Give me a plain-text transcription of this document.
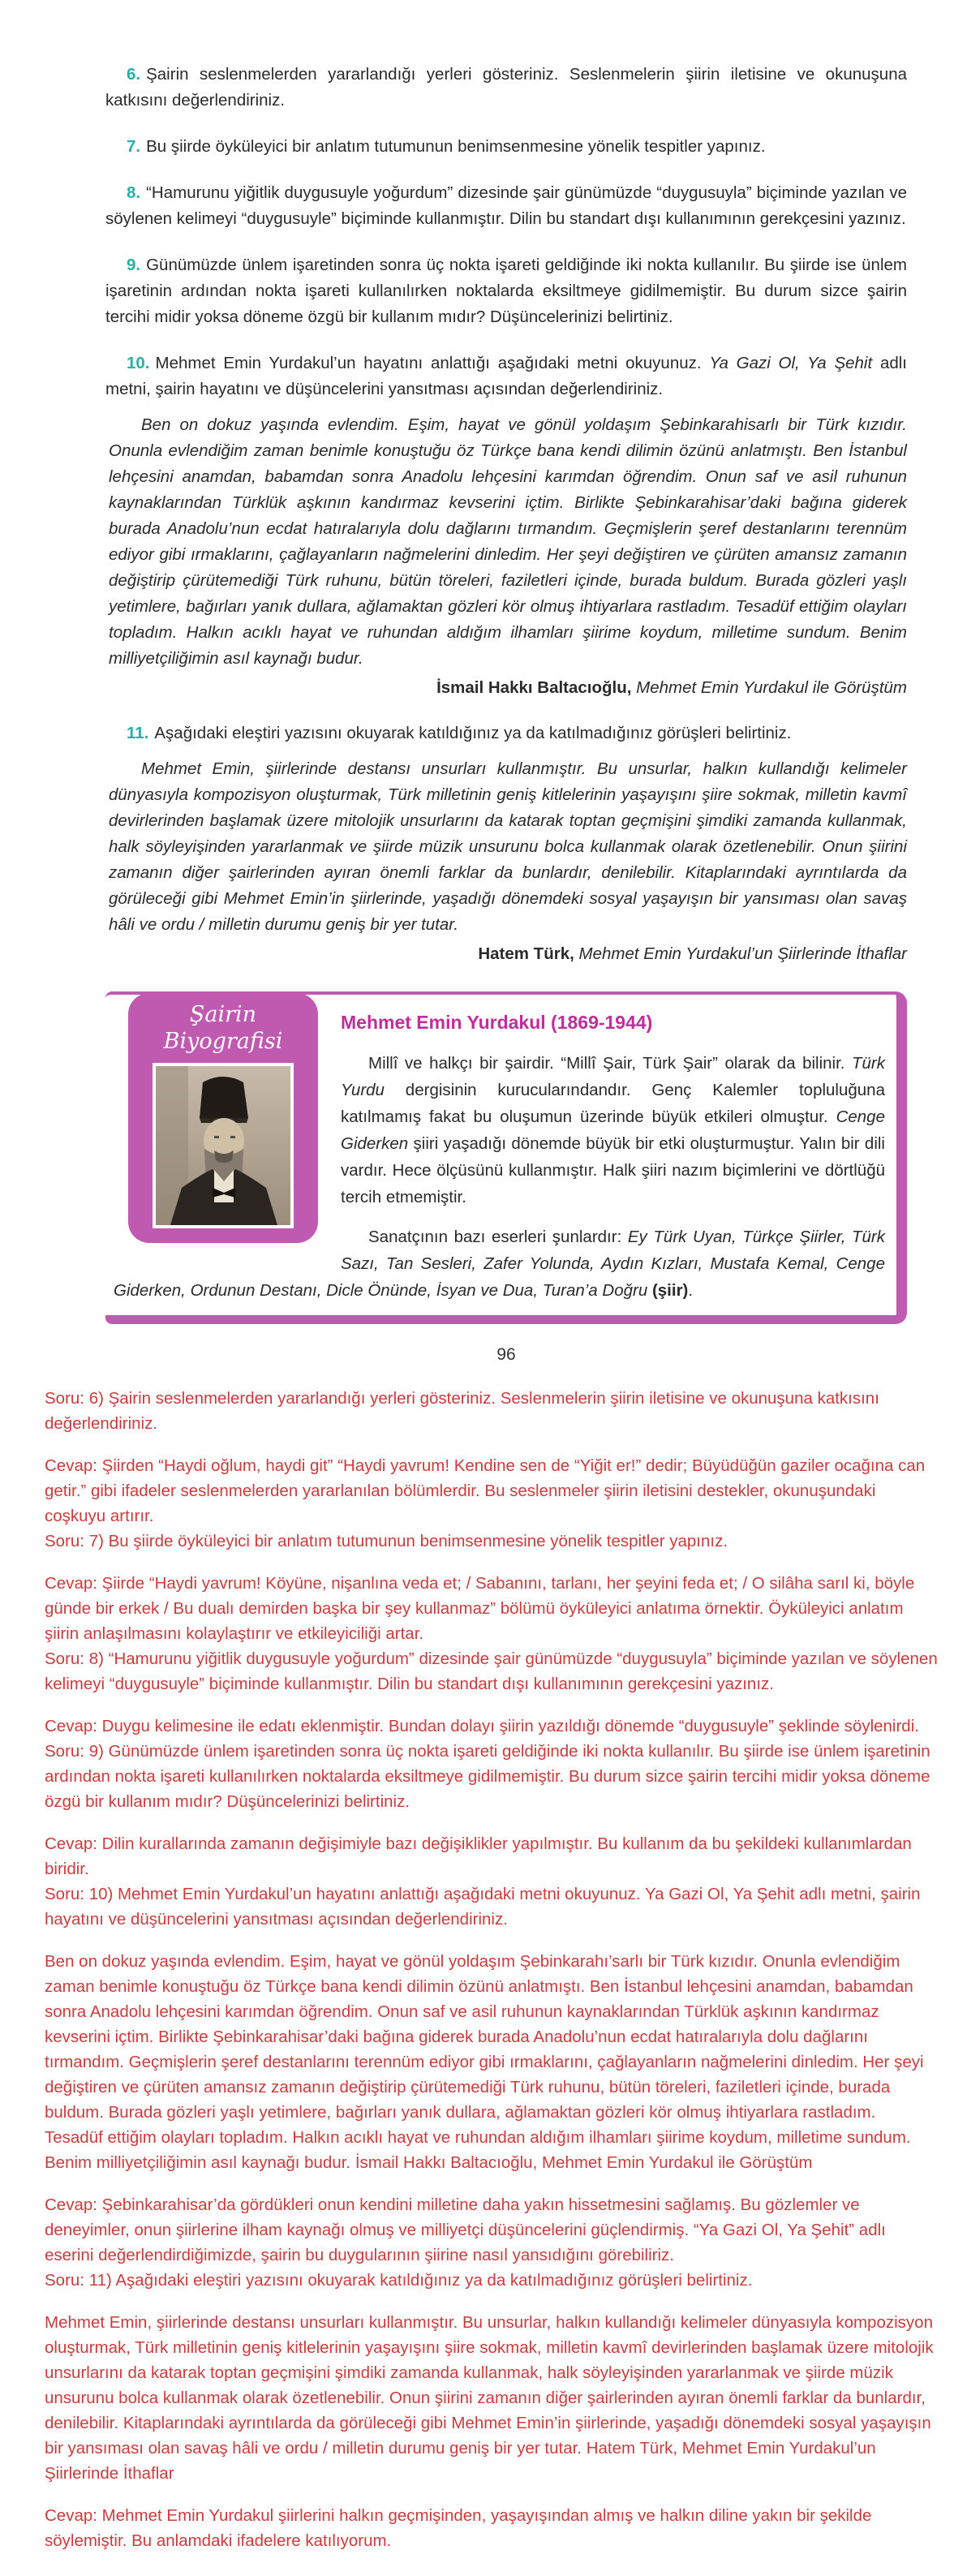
6. Şairin seslenmelerden yararlandığı yerleri gösteriniz. Seslenmelerin şiirin iletisine ve okunuşuna katkısını değerlendiriniz.

7. Bu şiirde öyküleyici bir anlatım tutumunun benimsenmesine yönelik tespitler yapınız.

8. “Hamurunu yiğitlik duygusuyle yoğurdum” dizesinde şair günümüzde “duygusuyla” biçiminde yazılan ve söylenen kelimeyi “duygusuyle” biçiminde kullanmıştır. Dilin bu standart dışı kullanımının gerekçesini yazınız.

9. Günümüzde ünlem işaretinden sonra üç nokta işareti geldiğinde iki nokta kullanılır. Bu şiirde ise ünlem işaretinin ardından nokta işareti kullanılırken noktalarda eksiltmeye gidilmemiştir. Bu durum sizce şairin tercihi midir yoksa döneme özgü bir kullanım mıdır? Düşüncelerinizi belirtiniz.

10. Mehmet Emin Yurdakul’un hayatını anlattığı aşağıdaki metni okuyunuz. Ya Gazi Ol, Ya Şehit adlı metni, şairin hayatını ve düşüncelerini yansıtması açısından değerlendiriniz.

Ben on dokuz yaşında evlendim. Eşim, hayat ve gönül yoldaşım Şebinkarahisarlı bir Türk kızıdır. Onunla evlendiğim zaman benimle konuştuğu öz Türkçe bana kendi dilimin özünü anlatmıştı. Ben İstanbul lehçesini anamdan, babamdan sonra Anadolu lehçesini karımdan öğrendim. Onun saf ve asil ruhunun kaynaklarından Türklük aşkının kandırmaz kevserini içtim. Birlikte Şebinkarahisar’daki bağına giderek burada Anadolu’nun ecdat hatıralarıyla dolu dağlarını tırmandım. Geçmişlerin şeref destanlarını terennüm ediyor gibi ırmaklarını, çağlayanların nağmelerini dinledim. Her şeyi değiştiren ve çürüten amansız zamanın değiştirip çürütemediği Türk ruhunu, bütün töreleri, faziletleri içinde, burada buldum. Burada gözleri yaşlı yetimlere, bağırları yanık dullara, ağlamaktan gözleri kör olmuş ihtiyarlara rastladım. Tesadüf ettiğim olayları topladım. Halkın acıklı hayat ve ruhundan aldığım ilhamları şiirime koydum, milletime sundum. Benim milliyetçiliğimin asıl kaynağı budur.

İsmail Hakkı Baltacıoğlu, Mehmet Emin Yurdakul ile Görüştüm

11. Aşağıdaki eleştiri yazısını okuyarak katıldığınız ya da katılmadığınız görüşleri belirtiniz.

Mehmet Emin, şiirlerinde destansı unsurları kullanmıştır. Bu unsurlar, halkın kullandığı kelimeler dünyasıyla kompozisyon oluşturmak, Türk milletinin geniş kitlelerinin yaşayışını şiire sokmak, milletin kavmî devirlerinden başlamak üzere mitolojik unsurlarını da katarak toptan geçmişini şimdiki zamanda kullanmak, halk söyleyişinden yararlanmak ve şiirde müzik unsurunu bolca kullanmak olarak özetlenebilir. Onun şiirini zamanın diğer şairlerinden ayıran önemli farklar da bunlardır, denilebilir. Kitaplarındaki ayrıntılarda da görüleceği gibi Mehmet Emin’in şiirlerinde, yaşadığı dönemdeki sosyal yaşayışın bir yansıması olan savaş hâli ve ordu / milletin durumu geniş bir yer tutar.

Hatem Türk, Mehmet Emin Yurdakul’un Şiirlerinde İthaflar

Şairin
Biyografisi
Mehmet Emin Yurdakul (1869-1944)

Millî ve halkçı bir şairdir. “Millî Şair, Türk Şair” olarak da bilinir. Türk Yurdu dergisinin kurucularındandır. Genç Kalemler topluluğuna katılmamış fakat bu oluşumun üzerinde büyük etkileri olmuştur. Cenge Giderken şiiri yaşadığı dönemde büyük bir etki oluşturmuştur. Yalın bir dili vardır. Hece ölçüsünü kullanmıştır. Halk şiiri nazım biçimlerini ve dörtlüğü tercih etmemiştir.

Sanatçının bazı eserleri şunlardır: Ey Türk Uyan, Türkçe Şiirler, Türk Sazı, Tan Sesleri, Zafer Yolunda, Aydın Kızları, Mustafa Kemal, Cenge Giderken, Ordunun Destanı, Dicle Önünde, İsyan ve Dua, Turan’a Doğru (şiir).

96

Soru: 6) Şairin seslenmelerden yararlandığı yerleri gösteriniz. Seslenmelerin şiirin iletisine ve okunuşuna katkısını değerlendiriniz.

Cevap: Şiirden “Haydi oğlum, haydi git” “Haydi yavrum! Kendine sen de “Yiğit er!” dedir; Büyüdüğün gaziler ocağına can getir.” gibi ifadeler seslenmelerden yararlanılan bölümlerdir. Bu seslenmeler şiirin iletisini destekler, okunuşundaki coşkuyu artırır.

Soru: 7) Bu şiirde öyküleyici bir anlatım tutumunun benimsenmesine yönelik tespitler yapınız.

Cevap: Şiirde “Haydi yavrum! Köyüne, nişanlına veda et; / Sabanını, tarlanı, her şeyini feda et; / O silâha sarıl ki, böyle günde bir erkek / Bu dualı demirden başka bir şey kullanmaz” bölümü öyküleyici anlatıma örnektir. Öyküleyici anlatım şiirin anlaşılmasını kolaylaştırır ve etkileyiciliği artar.

Soru: 8) “Hamurunu yiğitlik duygusuyle yoğurdum” dizesinde şair günümüzde “duygusuyla” biçiminde yazılan ve söylenen kelimeyi “duygusuyle” biçiminde kullanmıştır. Dilin bu standart dışı kullanımının gerekçesini yazınız.

Cevap: Duygu kelimesine ile edatı eklenmiştir. Bundan dolayı şiirin yazıldığı dönemde “duygusuyle” şeklinde söylenirdi.

Soru: 9) Günümüzde ünlem işaretinden sonra üç nokta işareti geldiğinde iki nokta kullanılır. Bu şiirde ise ünlem işaretinin ardından nokta işareti kullanılırken noktalarda eksiltmeye gidilmemiştir. Bu durum sizce şairin tercihi midir yoksa döneme özgü bir kullanım mıdır? Düşüncelerinizi belirtiniz.

Cevap: Dilin kurallarında zamanın değişimiyle bazı değişiklikler yapılmıştır. Bu kullanım da bu şekildeki kullanımlardan biridir.

Soru: 10) Mehmet Emin Yurdakul’un hayatını anlattığı aşağıdaki metni okuyunuz. Ya Gazi Ol, Ya Şehit adlı metni, şairin hayatını ve düşüncelerini yansıtması açısından değerlendiriniz.

Ben on dokuz yaşında evlendim. Eşim, hayat ve gönül yoldaşım Şebinkarahı’sarlı bir Türk kızıdır. Onunla evlendiğim zaman benimle konuştuğu öz Türkçe bana kendi dilimin özünü anlatmıştı. Ben İstanbul lehçesini anamdan, babamdan sonra Anadolu lehçesini karımdan öğrendim. Onun saf ve asil ruhunun kaynaklarından Türklük aşkının kandırmaz kevserini içtim. Birlikte Şebinkarahisar’daki bağına giderek burada Anadolu’nun ecdat hatıralarıyla dolu dağlarını tırmandım. Geçmişlerin şeref destanlarını terennüm ediyor gibi ırmaklarını, çağlayanların nağmelerini dinledim. Her şeyi değiştiren ve çürüten amansız zamanın değiştirip çürütemediği Türk ruhunu, bütün töreleri, faziletleri içinde, burada buldum. Burada gözleri yaşlı yetimlere, bağırları yanık dullara, ağlamaktan gözleri kör olmuş ihtiyarlara rastladım. Tesadüf ettiğim olayları topladım. Halkın acıklı hayat ve ruhundan aldığım ilhamları şiirime koydum, milletime sundum. Benim milliyetçiliğimin asıl kaynağı budur. İsmail Hakkı Baltacıoğlu, Mehmet Emin Yurdakul ile Görüştüm

Cevap: Şebinkarahisar’da gördükleri onun kendini milletine daha yakın hissetmesini sağlamış. Bu gözlemler ve deneyimler, onun şiirlerine ilham kaynağı olmuş ve milliyetçi düşüncelerini güçlendirmiş. “Ya Gazi Ol, Ya Şehit” adlı eserini değerlendirdiğimizde, şairin bu duygularının şiirine nasıl yansıdığını görebiliriz.

Soru: 11) Aşağıdaki eleştiri yazısını okuyarak katıldığınız ya da katılmadığınız görüşleri belirtiniz.

Mehmet Emin, şiirlerinde destansı unsurları kullanmıştır. Bu unsurlar, halkın kullandığı kelimeler dünyasıyla kompozisyon oluşturmak, Türk milletinin geniş kitlelerinin yaşayışını şiire sokmak, milletin kavmî devirlerinden başlamak üzere mitolojik unsurlarını da katarak toptan geçmişini şimdiki zamanda kullanmak, halk söyleyişinden yararlanmak ve şiirde müzik unsurunu bolca kullanmak olarak özetlenebilir. Onun şiirini zamanın diğer şairlerinden ayıran önemli farklar da bunlardır, denilebilir. Kitaplarındaki ayrıntılarda da görüleceği gibi Mehmet Emin’in şiirlerinde, yaşadığı dönemdeki sosyal yaşayışın bir yansıması olan savaş hâli ve ordu / milletin durumu geniş bir yer tutar. Hatem Türk, Mehmet Emin Yurdakul’un Şiirlerinde İthaflar

Cevap: Mehmet Emin Yurdakul şiirlerini halkın geçmişinden, yaşayışından almış ve halkın diline yakın bir şekilde söylemiştir. Bu anlamdaki ifadelere katılıyorum.
